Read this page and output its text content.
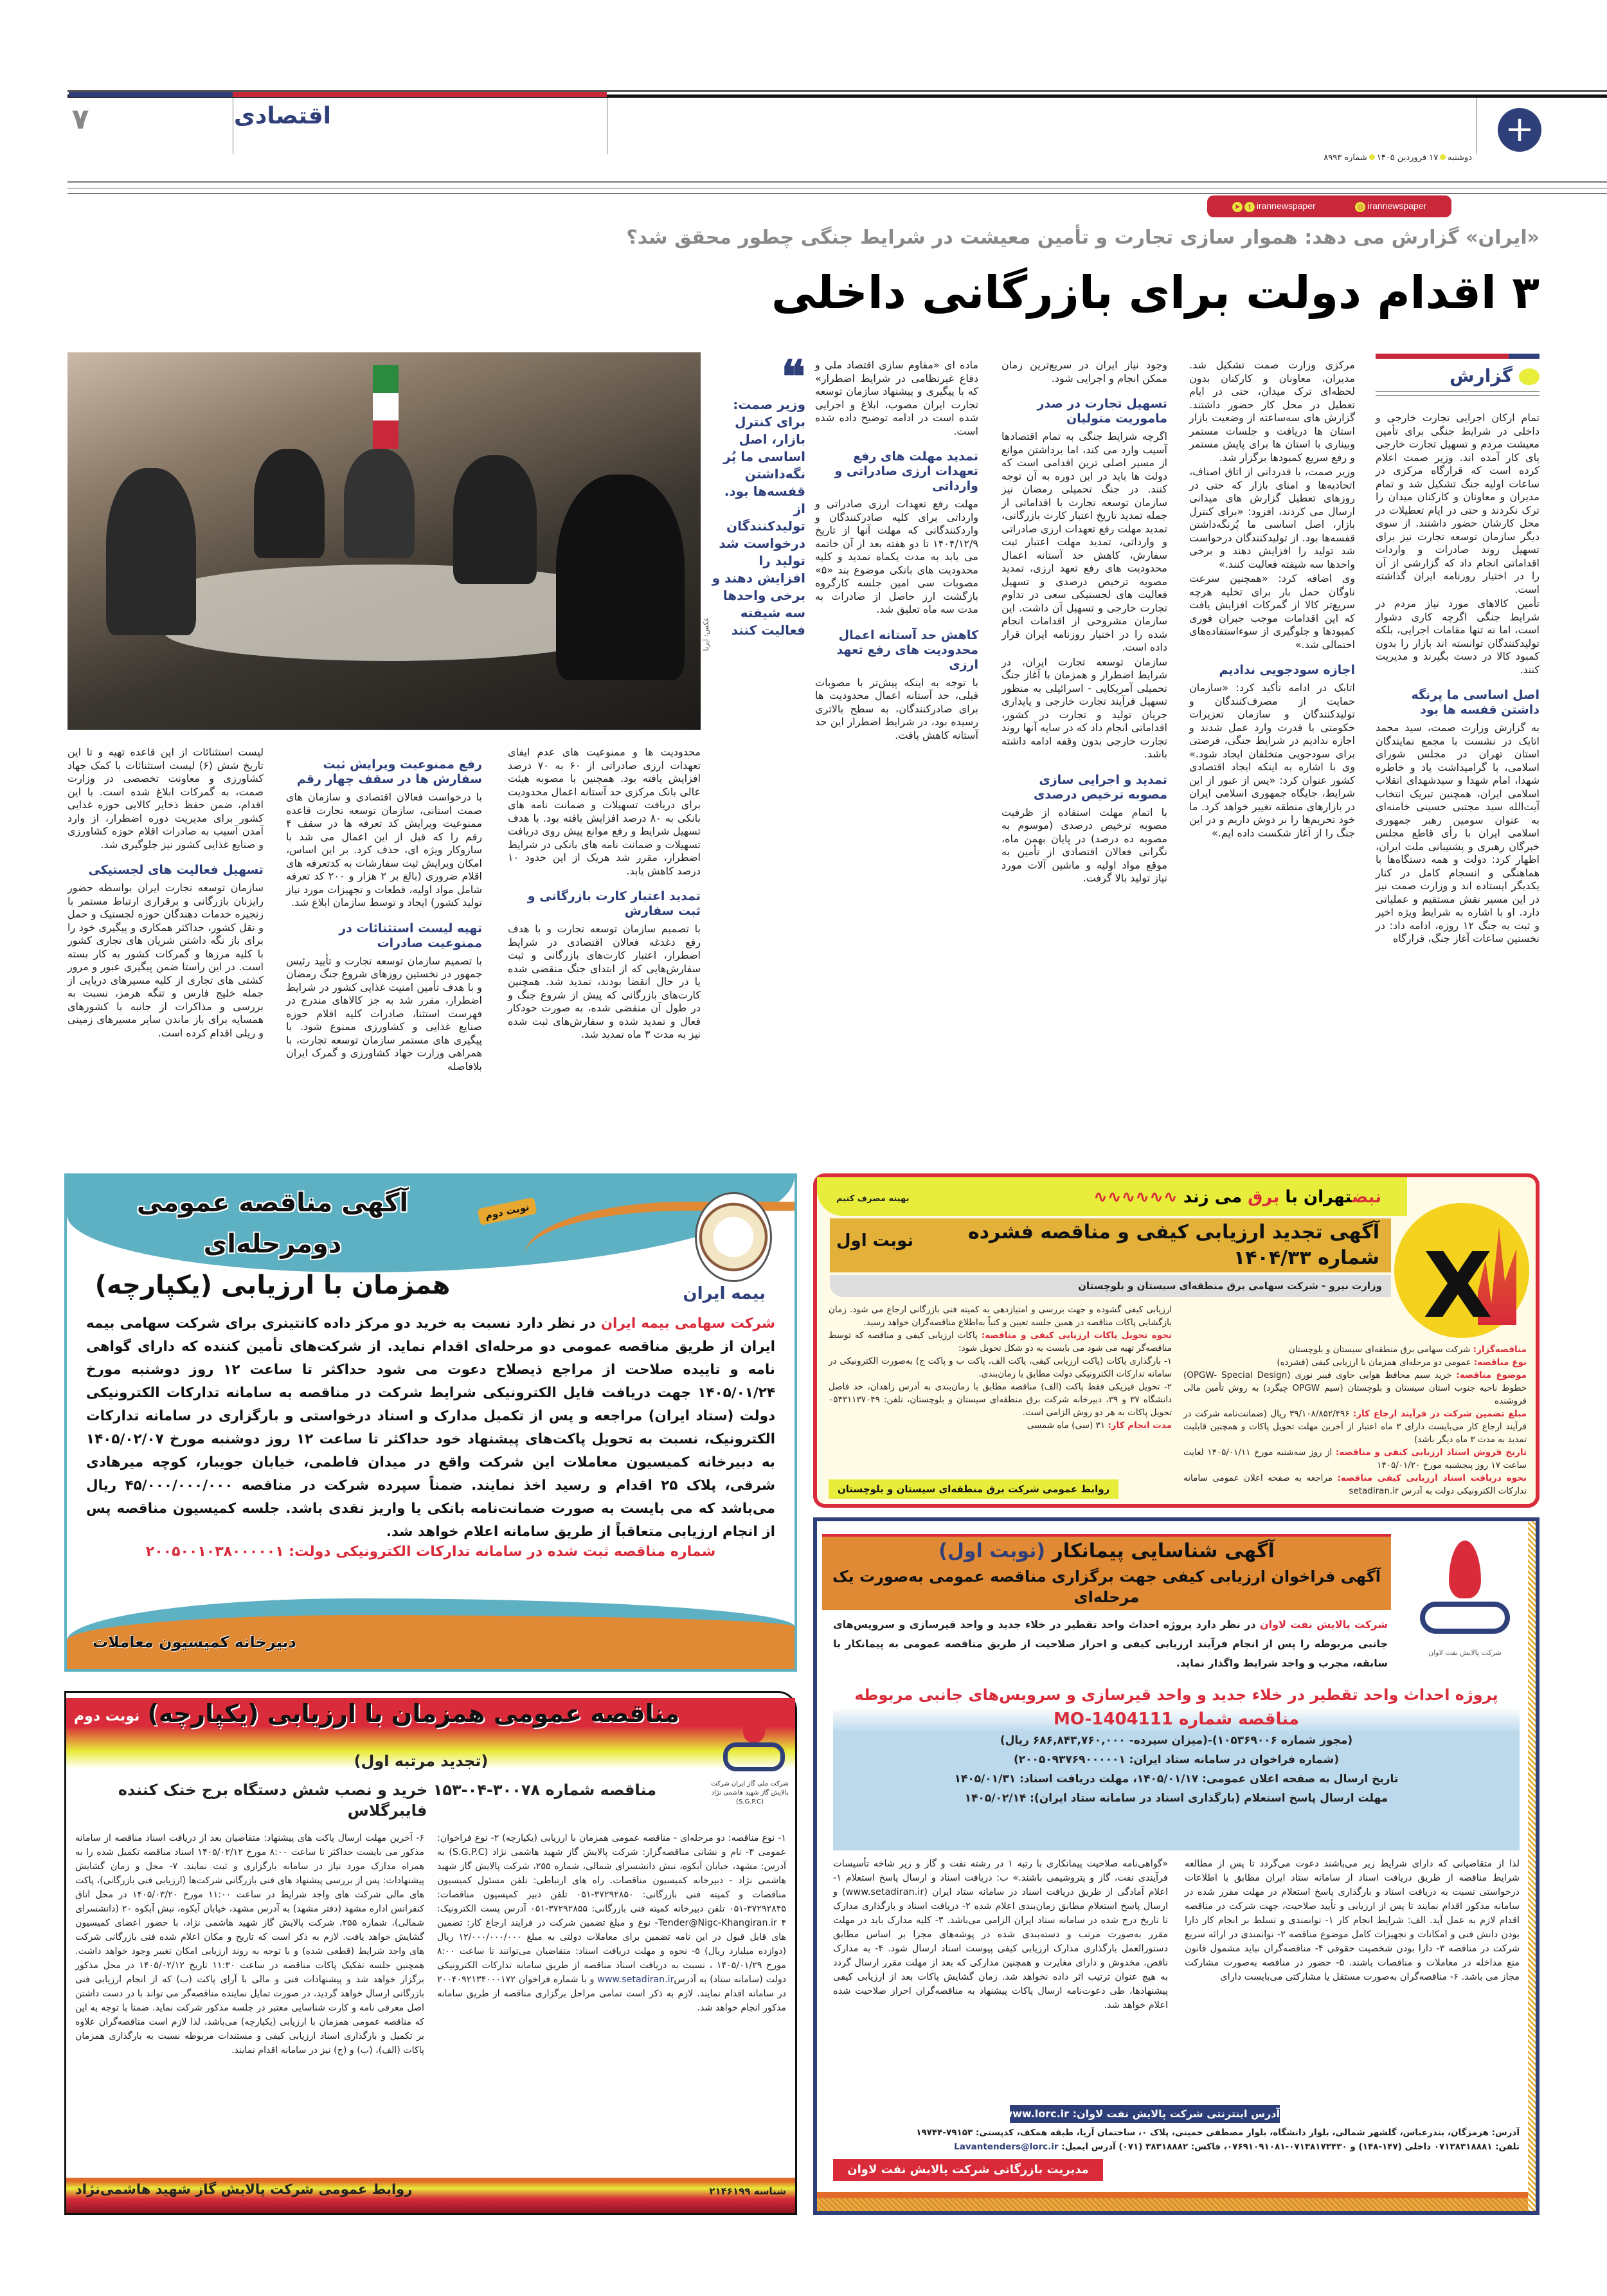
۷	اقتصادی	+
دوشنبه۱۷ فروردین ۱۴۰۵شماره ۸۹۹۳
➤ t irannewspaper	◎ irannewspaper
«ایران» گزارش می دهد: هموار سازی تجارت و تأمین معیشت در شرایط جنگی چطور محقق شد؟
۳ اقدام دولت برای بازرگانی داخلی
گزارش

تمام ارکان اجرایی تجارت خارجی و داخلی در شرایط جنگی برای تأمین معیشت مردم و تسهیل تجارت خارجی پای کار آمده اند. وزیر صمت اعلام کرده است که قرارگاه مرکزی در ساعات اولیه جنگ تشکیل شد و تمام مدیران و معاونان و کارکنان میدان را ترک نکردند و حتی در ایام تعطیلات در محل کارشان حضور داشتند. از سوی دیگر سازمان توسعه تجارت نیز برای تسهیل روند صادرات و واردات اقداماتی انجام داد که گزارشی از آن را در اختیار روزنامه ایران گذاشته است.

تأمین کالاهای مورد نیاز مردم در شرایط جنگی اگرچه کاری دشوار است، اما نه تنها مقامات اجرایی، بلکه تولیدکنندگان توانسته اند بازار را بدون کمبود کالا در دست بگیرند و مدیریت کنند.

اصل اساسی ما پرنگه داشتن قفسه ها بود

به گزارش وزارت صمت، سید محمد اتابک در نشست با مجمع نمایندگان استان تهران در مجلس شورای اسلامی، با گرامیداشت یاد و خاطره شهدا، امام شهدا و سیدشهدای انقلاب اسلامی ایران، همچنین تبریک انتخاب آیت‌الله سید مجتبی حسینی خامنه‌ای به عنوان سومین رهبر جمهوری اسلامی ایران با رأی قاطع مجلس خبرگان رهبری و پشتیبانی ملت ایران، اظهار کرد: دولت و همه دستگاه‌ها با هماهنگی و انسجام کامل در کنار یکدیگر ایستاده اند و وزارت صمت نیز در این مسیر نقش مستقیم و عملیاتی دارد. او با اشاره به شرایط ویژه اخیر و ثبت به جنگ ۱۲ روزه، ادامه داد: در نخستین ساعات آغاز جنگ، قرارگاه

مرکزی وزارت صمت تشکیل شد. مدیران، معاونان و کارکنان بدون لحظه‌ای ترک میدان، حتی در ایام تعطیل در محل کار حضور داشتند. گزارش های سه‌ساعته از وضعیت بازار استان ها دریافت و جلسات مستمر وبیناری با استان ها برای پایش مستمر و رفع سریع کمبودها برگزار شد.

وزیر صمت، با قدردانی از اتاق اصناف، اتحادیه‌ها و امنای بازار که حتی در روزهای تعطیل گزارش های میدانی ارسال می کردند، افزود: «برای کنترل بازار، اصل اساسی ما پُرنگه‌داشتن قفسه‌ها بود. از تولیدکنندگان درخواست شد تولید را افزایش دهند و برخی واحدها سه شیفته فعالیت کنند.»

وی اضافه کرد: «همچنین سرعت ناوگان حمل بار برای تخلیه هرچه سریع‌تر کالا از گمرکات افزایش یافت که این اقدامات موجب جبران فوری کمبودها و جلوگیری از سوءاستفاده‌های احتمالی شد.»

اجازه سودجویی ندادیم

اتابک در ادامه تأکید کرد: «سازمان حمایت از مصرف‌کنندگان و تولیدکنندگان و سازمان تعزیرات حکومتی با قدرت وارد عمل شدند و اجازه ندادیم در شرایط جنگی، فرصتی برای سودجویی متخلفان ایجاد شود.» وی با اشاره به اینکه ایجاد اقتصادی کشور عنوان کرد: «پس از عبور از این شرایط، جایگاه جمهوری اسلامی ایران در بازارهای منطقه تغییر خواهد کرد. ما خود تحریم‌ها را بر دوش داریم و در این جنگ را از آغاز شکست داده ایم.»

وجود نیاز ایران در سریع‌ترین زمان ممکن انجام و اجرایی شود.

تسهیل تجارت در صدر ماموریت متولیان

اگرچه شرایط جنگی به تمام اقتصادها آسیب وارد می کند، اما برداشتن موانع از مسیر اصلی ترین اقدامی است که دولت ها باید در این دوره به آن توجه کنند. در جنگ تحمیلی رمضان نیز سازمان توسعه تجارت با اقداماتی از جمله تمدید تاریخ اعتبار کارت بازرگانی، تمدید مهلت رفع تعهدات ارزی صادراتی و وارداتی، تمدید مهلت اعتبار ثبت سفارش، کاهش حد آستانه اعمال محدودیت های رفع تعهد ارزی، تمدید مصوبه ترخیص درصدی و تسهیل فعالیت های لجستیکی سعی در تداوم تجارت خارجی و تسهیل آن داشت. این سازمان مشروحی از اقدامات انجام شده را در اختیار روزنامه ایران قرار داده است.

سازمان توسعه تجارت ایران، در شرایط اضطرار و همزمان با آغاز جنگ تحمیلی آمریکایی - اسرائیلی به منظور تسهیل فرآیند تجارت خارجی و پایداری جریان تولید و تجارت در کشور، اقداماتی انجام داد که در سایه آنها روند تجارت خارجی بدون وقفه ادامه داشته باشد.

تمدید و اجرایی سازی مصوبه ترخیص درصدی

با اتمام مهلت استفاده از ظرفیت مصوبه ترخیص درصدی (موسوم به مصوبه ده درصد) در پایان بهمن ماه، نگرانی فعالان اقتصادی از تأمین به موقع مواد اولیه و ماشین آلات مورد نیاز تولید بالا گرفت.

ماده ای «مقاوم سازی اقتصاد ملی و دفاع غیرنظامی در شرایط اضطرار» که با پیگیری و پیشنهاد سازمان توسعه تجارت ایران مصوب، ابلاغ و اجرایی شده است در ادامه توضیح داده شده است.

تمدید مهلت های رفع تعهدات ارزی صادراتی و وارداتی

مهلت رفع تعهدات ارزی صادراتی و وارداتی برای کلیه صادرکنندگان و واردکنندگانی که مهلت آنها از تاریخ ۱۴۰۴/۱۲/۹ تا دو هفته بعد از آن خاتمه می یابد به مدت یکماه تمدید و کلیه محدودیت های بانکی موضوع بند «۵» مصوبات سی امین جلسه کارگروه بازگشت ارز حاصل از صادرات به مدت سه ماه تعلیق شد.

کاهش حد آستانه اعمال محدودیت های رفع تعهد ارزی

با توجه به اینکه پیش‌تر با مصوبات قبلی، حد آستانه اعمال محدودیت ها برای صادرکنندگان، به سطح بالاتری رسیده بود، در شرایط اضطرار این حد آستانه کاهش یافت.

❝
وزیر صمت: برای کنترل بازار، اصل اساسی ما پُر نگه‌داشتن قفسه‌ها بود. از تولیدکنندگان درخواست شد تولید را افزایش دهند و برخی واحدها سه شیفته فعالیت کنند
عکس: ایرنا

محدودیت ها و ممنوعیت های عدم ایفای تعهدات ارزی صادراتی از ۶۰ به ۷۰ درصد افزایش یافته بود. همچنین با مصوبه هیئت عالی بانک مرکزی حد آستانه اعمال محدودیت برای دریافت تسهیلات و ضمانت نامه های بانکی به ۸۰ درصد افزایش یافته بود. با هدف تسهیل شرایط و رفع موانع پیش روی دریافت تسهیلات و ضمانت نامه های بانکی در شرایط اضطرار، مقرر شد هریک از این حدود ۱۰ درصد کاهش یابد.

تمدید اعتبار کارت بازرگانی و ثبت سفارش

با تصمیم سازمان توسعه تجارت و با هدف رفع دغدغه فعالان اقتصادی در شرایط اضطرار، اعتبار کارت‌های بازرگانی و ثبت سفارش‌هایی که از ابتدای جنگ منقضی شده یا در حال انقضا بودند، تمدید شد. همچنین کارت‌های بازرگانی که پیش از شروع جنگ و در طول آن منقضی شده، به صورت خودکار فعال و تمدید شده و سفارش‌های ثبت شده نیز به مدت ۳ ماه تمدید شد.

رفع ممنوعیت ویرایش ثبت سفارش ها در سقف چهار رقم

با درخواست فعالان اقتصادی و سازمان های صمت استانی، سازمان توسعه تجارت قاعده ممنوعیت ویرایش کد تعرفه ها در سقف ۴ رقم را که قبل از این اعمال می شد با سازوکار ویژه ای، حذف کرد. بر این اساس، امکان ویرایش ثبت سفارشات به کدتعرفه های اقلام ضروری (بالغ بر ۲ هزار و ۲۰۰ کد تعرفه شامل مواد اولیه، قطعات و تجهیزات مورد نیاز تولید کشور) ایجاد و توسط سازمان ابلاغ شد.

تهیه لیست استثنائات در ممنوعیت صادرات

با تصمیم سازمان توسعه تجارت و تأیید رئیس جمهور در نخستین روزهای شروع جنگ رمضان و با هدف تأمین امنیت غذایی کشور در شرایط اضطرار، مقرر شد به جز کالاهای مندرج در فهرست استثنا، صادرات کلیه اقلام حوزه صنایع غذایی و کشاورزی ممنوع شود. با پیگیری های مستمر سازمان توسعه تجارت، با همراهی وزارت جهاد کشاورزی و گمرک ایران بلافاصله

لیست استثنائات از این قاعده تهیه و تا این تاریخ شش (۶) لیست استثنائات با کمک جهاد کشاورزی و معاونت تخصصی در وزارت صمت، به گمرکات ابلاغ شده است. با این اقدام، ضمن حفظ ذخایر کالایی حوزه غذایی کشور برای مدیریت دوره اضطرار، از وارد آمدن آسیب به صادرات اقلام حوزه کشاورزی و صنایع غذایی کشور نیز جلوگیری شد.

تسهیل فعالیت های لجستیکی

سازمان توسعه تجارت ایران بواسطه حضور رایزنان بازرگانی و برقراری ارتباط مستمر با زنجیره خدمات دهندگان حوزه لجستیک و حمل و نقل کشور، حداکثر همکاری و پیگیری خود را برای باز نگه داشتن شریان های تجاری کشور با کلیه مرزها و گمرکات کشور به کار بسته است. در این راستا ضمن پیگیری عبور و مرور کشتی های تجاری از کلیه مسیرهای دریایی از جمله خلیج فارس و تنگه هرمز، نسبت به بررسی و مذاکرات از جانبه با کشورهای همسایه برای باز ماندن سایر مسیرهای زمینی و ریلی اقدام کرده است.

نبضتهران با برق می زند ∿∿∿∿∿∿
بهینه مصرف کنیم
آگهی تجدید ارزیابی کیفی و مناقصه فشرده شماره ۱۴۰۴/۳۳
نوبت اول
وزارت نیرو - شرکت سهامی برق منطقه‌ای سیستان و بلوچستان X

مناقصه‌گزار: شرکت سهامی برق منطقه‌ای سیستان و بلوچستان

نوع مناقصه: عمومی دو مرحله‌ای همزمان با ارزیابی کیفی (فشرده)

موضوع مناقصه: خرید سیم محافظ هوایی حاوی فیبر نوری (OPGW- Special Design) خطوط ناحیه جنوب استان سیستان و بلوچستان (سیم OPGW چیگرد) به روش تأمین مالی فروشنده

مبلغ تضمین شرکت در فرآیند ارجاع کار: ۳۹/۱۰۸/۸۵۲/۴۹۶ ریال (ضمانت‌نامه شرکت در فرآیند ارجاع کار می‌بایست دارای ۳ ماه اعتبار از آخرین مهلت تحویل پاکات و همچنین قابلیت تمدید به مدت ۳ ماه دیگر باشد)

تاریخ فروش اسناد ارزیابی کیفی و مناقصه: از روز سه‌شنبه مورخ ۱۴۰۵/۰۱/۱۱ لغایت ساعت ۱۷ روز پنجشنبه مورخ ۱۴۰۵/۰۱/۲۰

نحوه دریافت اسناد ارزیابی کیفی مناقصه: مراجعه به صفحه اعلان عمومی سامانه تدارکات الکترونیکی دولت به آدرس setadiran.ir

ارزیابی کیفی گشوده و جهت بررسی و امتیازدهی به کمیته فنی بازرگانی ارجاع می شود. زمان بازگشایی پاکات مناقصه در همین جلسه تعیین و کتباً به‌اطلاع مناقصه‌گران خواهد رسید.

نحوه تحویل پاکات ارزیابی کیفی و مناقصه: پاکات ارزیابی کیفی و مناقصه که توسط مناقصه‌گر تهیه می شود می بایست به دو شکل تحویل شود:

۱- بارگذاری پاکات (پاکت ارزیابی کیفی، پاکت الف، پاکت ب و پاکت ج) به‌صورت الکترونیکی در سامانه تدارکات الکترونیکی دولت مطابق با زمان‌بندی.

۲- تحویل فیزیکی فقط پاکت (الف) مناقصه مطابق با زمان‌بندی به آدرس زاهدان، حد فاصل دانشگاه ۳۷ و ۳۹، دبیرخانه شرکت برق منطقه‌ای سیستان و بلوچستان، تلفن: ۰۵۴۳۱۱۳۷۰۴۹ تحویل پاکات به هر دو روش الزامی است.

مدت انجام کار: ۳۱ (سی) ماه شمسی

روابط عمومی شرکت برق منطقه‌ای سیستان و بلوچستان
آگهی مناقصه عمومی دومرحله‌ای
همزمان با ارزیابی (یکپارچه)
نوبت دوم
بیمه ایران
شرکت سهامی بیمه ایران در نظر دارد نسبت به خرید دو مرکز داده کانتینری برای شرکت سهامی بیمه ایران از طریق مناقصه عمومی دو مرحله‌ای اقدام نماید. از شرکت‌های تأمین کننده که دارای گواهی نامه و تاییده صلاحت از مراجع ذیصلاح دعوت می شود حداکثر تا ساعت ۱۲ روز دوشنبه مورخ ۱۴۰۵/۰۱/۲۴ جهت دریافت فایل الکترونیکی شرایط شرکت در مناقصه به سامانه تدارکات الکترونیکی دولت (ستاد ایران) مراجعه و پس از تکمیل مدارک و اسناد درخواستی و بارگزاری در سامانه تدارکات الکترونیک، نسبت به تحویل پاکت‌های پیشنهاد خود حداکثر تا ساعت ۱۲ روز دوشنبه مورخ ۱۴۰۵/۰۲/۰۷ به دبیرخانه کمیسیون معاملات این شرکت واقع در میدان فاطمی، خیابان جویبار، کوچه میرهادی شرقی، پلاک ۲۵ اقدام و رسید اخذ نمایند. ضمناً سپرده شرکت در مناقصه ۴۵/۰۰۰/۰۰۰/۰۰۰ ریال می‌باشد که می بایست به صورت ضمانت‌نامه بانکی یا واریز نقدی باشد. جلسه کمیسیون مناقصه پس از انجام ارزیابی متعاقباً از طریق سامانه اعلام خواهد شد.
شماره مناقصه ثبت شده در سامانه تدارکات الکترونیکی دولت: ۲۰۰۵۰۰۱۰۳۸۰۰۰۰۰۱
دبیرخانه کمیسیون معاملات
آگهی شناسایی پیمانکار (نوبت اول)
آگهی فراخوان ارزیابی کیفی جهت برگزاری مناقصه عمومی به‌صورت یک مرحله‌ای
شرکت پالایش نفت لاوان
شرکت پالایش نفت لاوان در نظر دارد پروژه احداث واحد تقطیر در خلاء جدید و واحد قیرسازی و سرویس‌های جانبی مربوطه را پس از انجام فرآیند ارزیابی کیفی و احراز صلاحیت از طریق مناقصه عمومی به پیمانکار با سابقه، مجرب و واجد شرایط واگذار نماید.
پروژه احداث واحد تقطیر در خلاء جدید و واحد قیرسازی و سرویس‌های جانبی مربوطه
مناقصه شماره MO-1404111
(مجوز شماره ۱۰۵۳۶۹۰۰۶)-(میزان سپرده- ۶۸۶,۸۴۳,۷۶۰,۰۰۰ ریال)
(شماره فراخوان در سامانه ستاد ایران: ۲۰۰۵۰۹۳۷۶۹۰۰۰۰۰۱)
تاریخ ارسال به صفحه اعلان عمومی: ۱۴۰۵/۰۱/۱۷، مهلت دریافت اسناد: ۱۴۰۵/۰۱/۳۱
مهلت ارسال پاسخ استعلام (بارگذاری اسناد در سامانه ستاد ایران): ۱۴۰۵/۰۲/۱۴
لذا از متقاضیانی که دارای شرایط زیر می‌باشند دعوت می‌گردد تا پس از مطالعه شرایط مناقصه از طریق دریافت اسناد از سامانه ستاد ایران مطابق با اطلاعات درخواستی نسبت به دریافت اسناد و بارگذاری پاسخ استعلام در مهلت مقرر شده در سامانه مذکور اقدام نمایند تا پس از ارزیابی و تأیید صلاحیت، جهت شرکت در مناقصه اقدام لازم به عمل آید. الف: شرایط انجام کار ۱- توانمندی و تسلط بر انجام کار دارا بودن دانش فنی و امکانات و تجهیزات کامل موضوع مناقصه ۲- توانمندی در ارائه سریع شرکت در مناقصه ۳- دارا بودن شخصیت حقوقی ۴- مناقصه‌گران نباید مشمول قانون منع مداخله در معاملات و مناقصات باشند. ۵- حضور در مناقصه به‌صورت مشارکت مجاز می باشد. ۶- مناقصه‌گران به‌صورت مستقل یا مشارکتی می‌بایست دارای
«گواهی‌نامه صلاحیت پیمانکاری با رتبه ۱ در رشته نفت و گاز و زیر شاخه تأسیسات فرآیندی نفت، گاز و پتروشیمی باشند.» ب: دریافت اسناد و ارسال پاسخ استعلام ۱- اعلام آمادگی از طریق دریافت اسناد در سامانه ستاد ایران (www.setadiran.ir) و ارسال پاسخ استعلام مطابق زمان‌بندی اعلام شده ۲- دریافت اسناد و بارگذاری مدارک تا تاریخ درج شده در سامانه ستاد ایران الزامی می‌باشد. ۳- کلیه مدارک باید در مهلت مقرر به‌صورت مرتب و دسته‌بندی شده در پوشه‌های مجزا بر اساس مطابق دستورالعمل بارگذاری مدارک ارزیابی کیفی پیوست اسناد ارسال شود. ۴- به مدارک ناقص، مخدوش و دارای مغایرت و همچنین مدارکی که بعد از مهلت مقرر ارسال گردد به هیچ عنوان ترتیب اثر داده نخواهد شد. زمان گشایش پاکات بعد از ارزیابی کیفی پیشنهادها، طی دعوت‌نامه ارسال پاکات پیشنهاد به مناقصه‌گران احراز صلاحیت شده اعلام خواهد شد.
آدرس اینترنتی شرکت پالایش نفت لاوان: www.lorc.ir
آدرس: هرمزگان، بندرعباس، گلشهر شمالی، بلوار دانشگاه، بلوار مصطفی خمینی، پلاک ۰، ساختمان آریا، طبقه همکف، کدپستی: ۷۹۱۵۳-۱۹۷۴۴
تلفن: ۰۷۱۳۸۳۱۸۸۸۱ داخلی (۱۴۷-۱۴۸) و ۰۷۱۳۸۱۷۳۴۳۰-۰۷۶۹۱۰۹۱۰۸۱، فاکس: ۳۸۳۱۸۸۸۲ (۰۷۱) آدرس ایمیل: Lavantenders@lorc.ir
مدیریت بازرگانی شرکت پالایش نفت لاوان
مناقصه عمومی همزمان با ارزیابی (یکپارچه)
(تجدید مرتبه اول)
نوبت دوم
شرکت ملی گاز ایران شرکت پالایش گاز شهید هاشمی نژاد (S.G.P.C)
مناقصه شماره ۳۰۰۷۸-۰۴-۱۵۳ خرید و نصب شش دستگاه برج خنک کننده فایبرگلاس
۱- نوع مناقصه: دو مرحله‌ای - مناقصه عمومی همزمان با ارزیابی (یکپارچه) ۲- نوع فراخوان: عمومی ۳- نام و نشانی مناقصه‌گزار: شرکت پالایش گاز شهید هاشمی نژاد (S.G.P.C) به آدرس: مشهد، خیابان آبکوه، نبش دانشسرای شمالی، شماره ۲۵۵، شرکت پالایش گاز شهید هاشمی نژاد - دبیرخانه کمیسیون مناقصات. راه های ارتباطی: تلفن مسئول کمیسیون مناقصات و کمیته فنی بازرگانی: ۳۷۲۹۲۸۵۰-۰۵۱ تلفن دبیر کمیسیون مناقصات: ۳۷۲۹۲۸۴۵-۰۵۱ تلفن دبیرخانه کمیته فنی بازرگانی: ۳۷۲۹۲۸۵۵-۰۵۱ آدرس پست الکترونیک: Tender@Nigc-Khangiran.ir ۴- نوع و مبلغ تضمین شرکت در فرایند ارجاع کار: تضمین های قابل قبول در این نامه تضمین برای معاملات دولتی به مبلغ ۱۲/۰۰۰/۰۰۰/۰۰۰ ریال (دوازده میلیارد ریال) ۵- نحوه و مهلت دریافت اسناد: متقاضیان می‌توانند تا ساعت ۸:۰۰ مورخ ۱۴۰۵/۰۱/۲۹ ، نسبت به دریافت اسناد مناقصه از طریق سامانه تدارکات الکترونیکی دولت (سامانه ستاد) به آدرسwww.setadiran.ir و با شماره فراخوان ۲۰۰۴۰۹۲۱۳۴۰۰۰۱۷۲ در سامانه اقدام نمایند. لازم به ذکر است تمامی مراحل برگزاری مناقصه از طریق سامانه مذکور انجام خواهد شد.
۶- آخرین مهلت ارسال پاکت های پیشنهاد: متقاضیان بعد از دریافت اسناد مناقصه از سامانه مذکور می بایست حداکثر تا ساعت ۸:۰۰ مورخ ۱۴۰۵/۰۲/۱۲ اسناد مناقصه تکمیل شده را به همراه مدارک مورد نیاز در سامانه بارگزاری و ثبت نمایند. ۷- محل و زمان گشایش پیشنهادات: پس از بررسی پیشنهاد های فنی بازرگانی شرکت‌ها (ارزیابی فنی بازرگانی)، پاکت های مالی شرکت های واجد شرایط در ساعت ۱۱:۰۰ مورخ ۱۴۰۵/۰۳/۲۰ در محل اتاق کنفرانس اداره مشهد (دفتر مشهد) به آدرس مشهد، خیابان آبکوه، نبش آبکوه ۲۰ (دانشسرای شمالی)، شماره ۲۵۵، شرکت پالایش گاز شهید هاشمی نژاد، با حضور اعضای کمیسیون گشایش خواهد یافت. لازم به ذکر است که تاریخ و مکان اعلام شده فنی بازرگانی شرکت های واجد شرایط (قطعی شده) و با توجه به روند ارزیابی امکان تغییر وجود خواهد داشت. همچنین جلسه تفکیک پاکات مناقصه در ساعت ۱۱:۳۰ تاریخ ۱۴۰۵/۰۲/۱۲ در محل مذکور برگزار خواهد شد و پیشنهادات فنی و مالی با آرای پاکت (ب) که از انجام ارزیابی فنی بازرگانی ارسال خواهد گردید، در صورت تمایل نماینده مناقصه‌گر می تواند با در دست داشتن اصل معرفی نامه و کارت شناسایی معتبر در جلسه مذکور شرکت نماید. ضمنا با توجه به این که مناقصه عمومی همزمان با ارزیابی (یکپارچه) می‌باشد، لذا لازم است مناقصه‌گران علاوه بر تکمیل و بارگذاری اسناد ارزیابی کیفی و مستندات مربوطه نسبت به بارگذاری همزمان پاکات (الف)، (ب) و (ج) نیز در سامانه اقدام نمایند.
روابط عمومی شرکت پالایش گاز شهید هاشمی‌نژاد	شناسه ۲۱۴۶۱۹۹
